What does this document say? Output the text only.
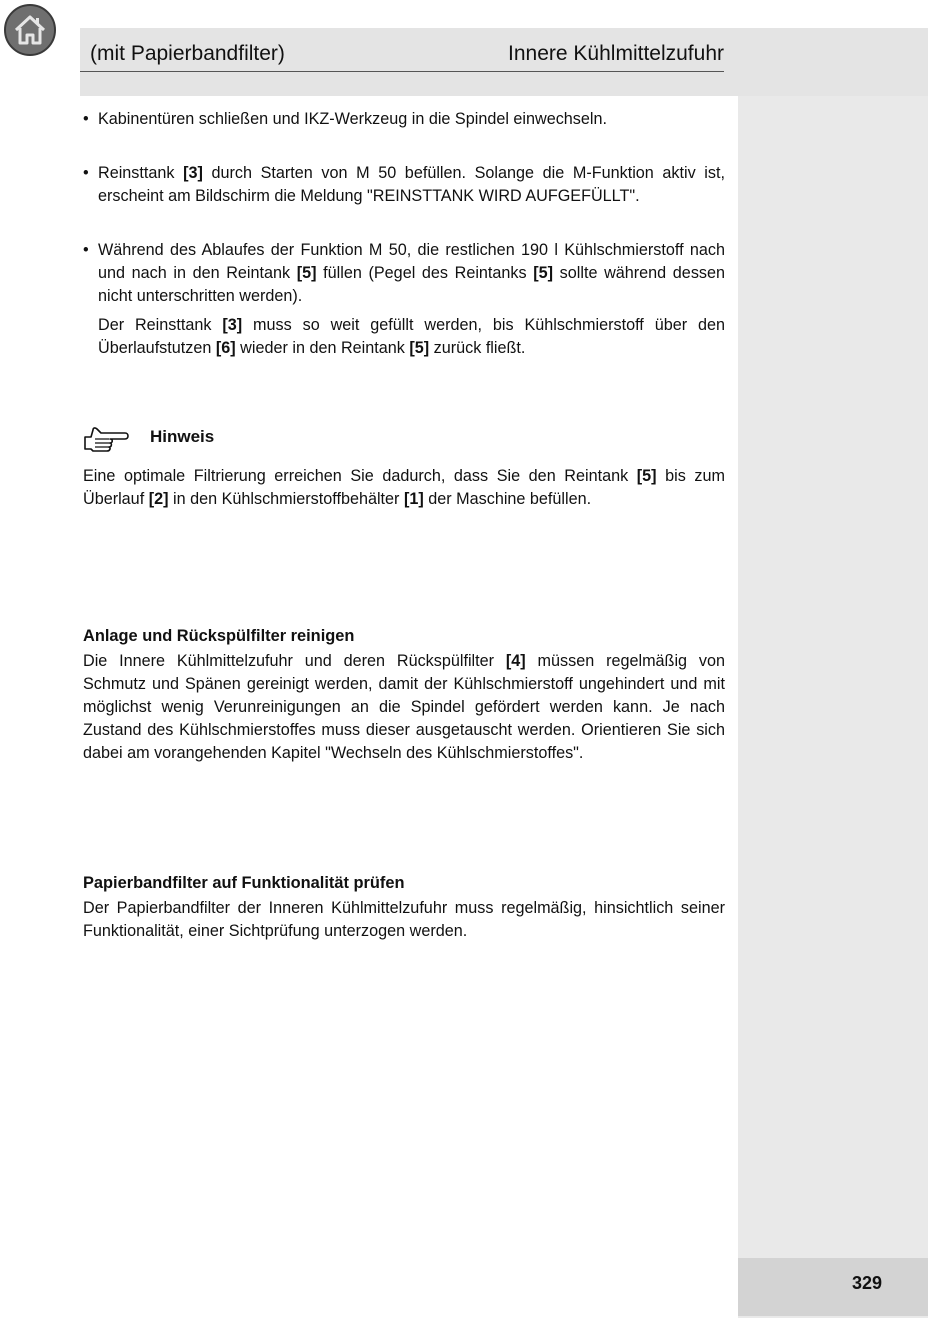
(mit Papierbandfilter)	Innere Kühlmittelzufuhr
• Kabinentüren schließen und IKZ-Werkzeug in die Spindel einwechseln.
• Reinsttank [3] durch Starten von M 50 befüllen. Solange die M-Funktion aktiv ist, erscheint am Bildschirm die Meldung "REINSTTANK WIRD AUFGEFÜLLT".
• Während des Ablaufes der Funktion M 50, die restlichen 190 l Kühlschmierstoff nach und nach in den Reintank [5] füllen (Pegel des Reintanks [5] sollte während dessen nicht unterschritten werden).
Der Reinsttank [3] muss so weit gefüllt werden, bis Kühlschmierstoff über den Überlaufstutzen [6] wieder in den Reintank [5] zurück fließt.
Hinweis
Eine optimale Filtrierung erreichen Sie dadurch, dass Sie den Reintank [5] bis zum Überlauf [2] in den Kühlschmierstoffbehälter [1] der Maschine befüllen.
Anlage und Rückspülfilter reinigen
Die Innere Kühlmittelzufuhr und deren Rückspülfilter [4] müssen regelmäßig von Schmutz und Spänen gereinigt werden, damit der Kühlschmierstoff ungehindert und mit möglichst wenig Verunreinigungen an die Spindel gefördert werden kann. Je nach Zustand des Kühlschmierstoffes muss dieser ausgetauscht werden. Orientieren Sie sich dabei am vorangehenden Kapitel "Wechseln des Kühlschmierstoffes".
Papierbandfilter auf Funktionalität prüfen
Der Papierbandfilter der Inneren Kühlmittelzufuhr muss regelmäßig, hinsichtlich seiner Funktionalität, einer Sichtprüfung unterzogen werden.
329
